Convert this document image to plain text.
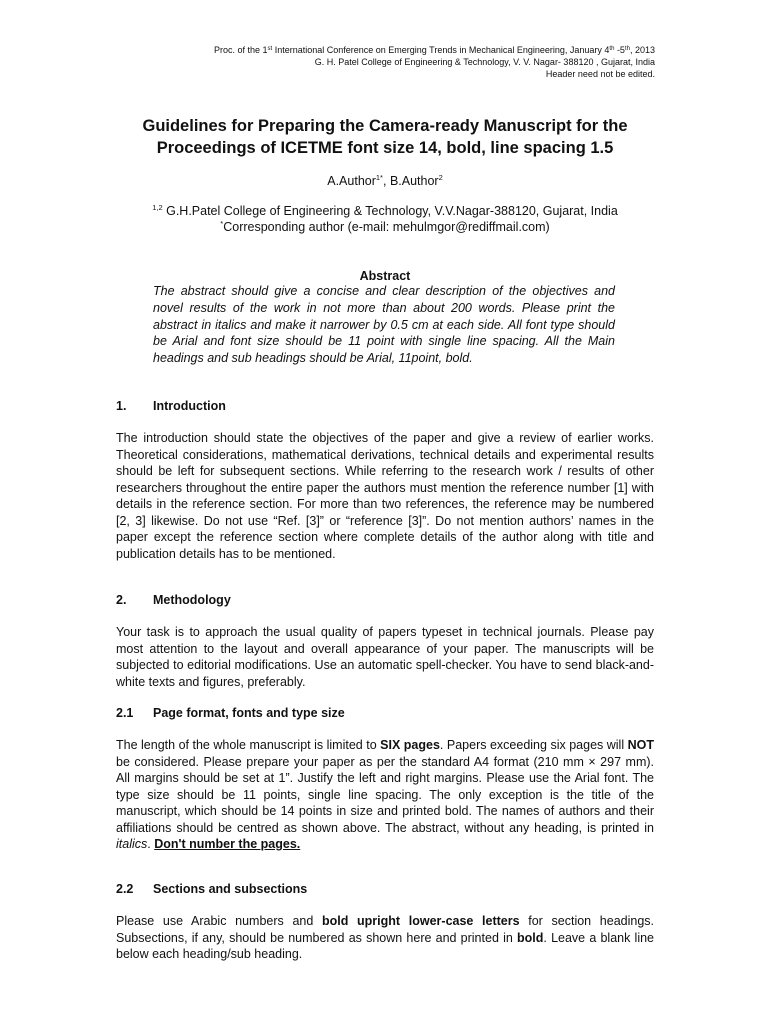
Proc. of the 1st International Conference on Emerging Trends in Mechanical Engineering, January 4th -5th, 2013
G. H. Patel College of Engineering & Technology, V. V. Nagar- 388120 , Gujarat, India
Header need not be edited.
Guidelines for Preparing the Camera-ready Manuscript for the Proceedings of ICETME font size 14, bold, line spacing 1.5
A.Author$^{1*}$, B.Author$^2$
$^{1,2}$ G.H.Patel College of Engineering & Technology, V.V.Nagar-388120, Gujarat, India
*Corresponding author (e-mail: mehulmgor@rediffmail.com)
Abstract
The abstract should give a concise and clear description of the objectives and novel results of the work in not more than about 200 words. Please print the abstract in italics and make it narrower by 0.5 cm at each side. All font type should be Arial and font size should be 11 point with single line spacing. All the Main headings and sub headings should be Arial, 11point, bold.
1. Introduction
The introduction should state the objectives of the paper and give a review of earlier works. Theoretical considerations, mathematical derivations, technical details and experimental results should be left for subsequent sections. While referring to the research work / results of other researchers throughout the entire paper the authors must mention the reference number [1] with details in the reference section. For more than two references, the reference may be numbered [2, 3] likewise. Do not use “Ref. [3]” or “reference [3]”. Do not mention authors’ names in the paper except the reference section where complete details of the author along with title and publication details has to be mentioned.
2. Methodology
Your task is to approach the usual quality of papers typeset in technical journals. Please pay most attention to the layout and overall appearance of your paper. The manuscripts will be subjected to editorial modifications. Use an automatic spell-checker. You have to send black-and-white texts and figures, preferably.
2.1 Page format, fonts and type size
The length of the whole manuscript is limited to SIX pages. Papers exceeding six pages will NOT be considered. Please prepare your paper as per the standard A4 format (210 mm × 297 mm). All margins should be set at 1”. Justify the left and right margins. Please use the Arial font. The type size should be 11 points, single line spacing. The only exception is the title of the manuscript, which should be 14 points in size and printed bold. The names of authors and their affiliations should be centred as shown above. The abstract, without any heading, is printed in italics. Don't number the pages.
2.2 Sections and subsections
Please use Arabic numbers and bold upright lower-case letters for section headings. Subsections, if any, should be numbered as shown here and printed in bold. Leave a blank line below each heading/sub heading.
